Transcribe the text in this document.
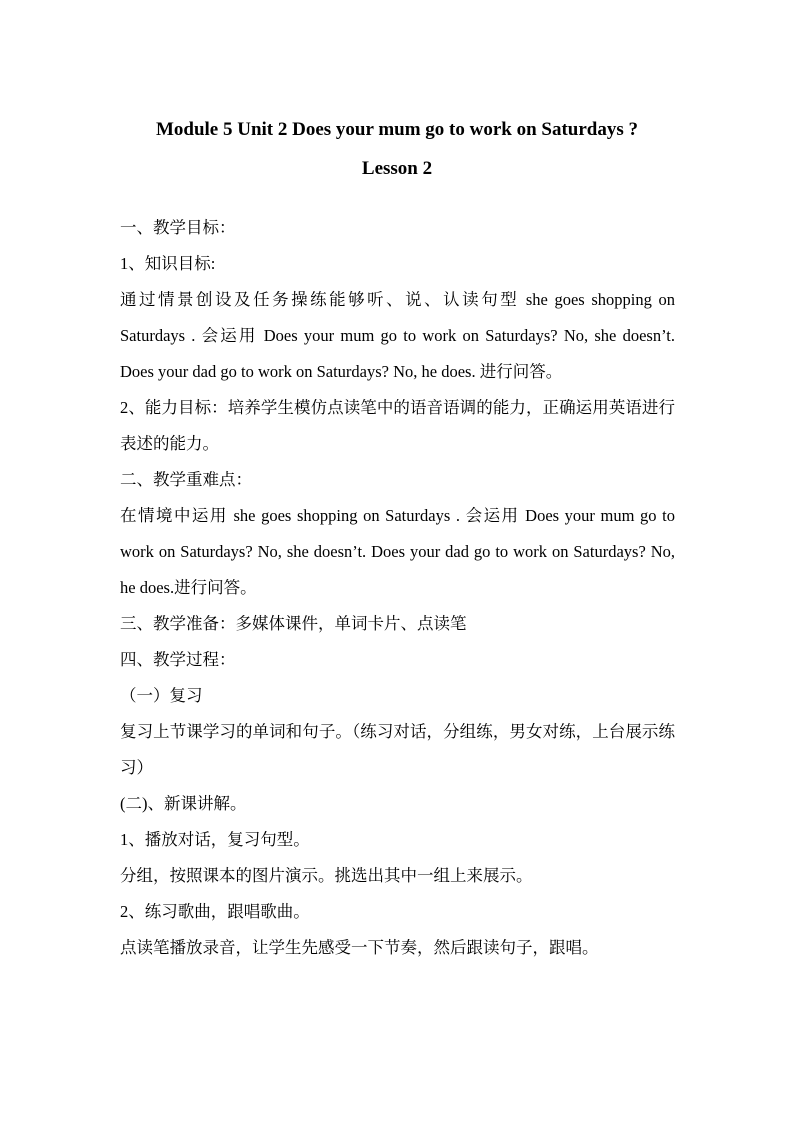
Module 5 Unit 2 Does your mum go to work on Saturdays ?
Lesson 2

一、教学目标：

1、知识目标:

通过情景创设及任务操练能够听、说、认读句型 she goes shopping on Saturdays . 会运用 Does your mum go to work on Saturdays? No, she doesn’t. Does your dad go to work on Saturdays? No, he does. 进行问答。

2、能力目标：培养学生模仿点读笔中的语音语调的能力，正确运用英语进行表述的能力。

二、教学重难点：

在情境中运用 she goes shopping on Saturdays . 会运用 Does your mum go to work on Saturdays? No, she doesn’t. Does your dad go to work on Saturdays? No, he does.进行问答。

三、教学准备：多媒体课件，单词卡片、点读笔

四、教学过程：

（一）复习

复习上节课学习的单词和句子。（练习对话，分组练，男女对练，上台展示练习）

(二)、新课讲解。

1、播放对话，复习句型。

分组，按照课本的图片演示。挑选出其中一组上来展示。

2、练习歌曲，跟唱歌曲。

点读笔播放录音，让学生先感受一下节奏，然后跟读句子，跟唱。
